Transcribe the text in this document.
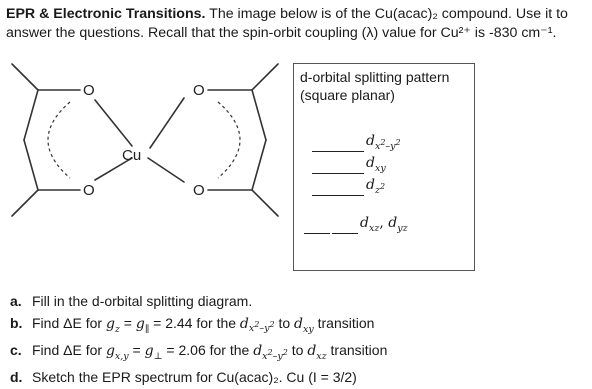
EPR & Electronic Transitions. The image below is of the Cu(acac)₂ compound. Use it to answer the questions. Recall that the spin-orbit coupling (λ) value for Cu²⁺ is -830 cm⁻¹.
O
O
O
O
Cu
d-orbital splitting pattern
(square planar)
$d_{x^2-y^2}$
$d_{xy}$
$d_{z^2}$
$d_{xz}$, $d_{yz}$
a. Fill in the d-orbital splitting diagram.
b. Find ΔE for $g_z = g_\parallel = 2.44$ for the $d_{x^2-y^2}$ to $d_{xy}$ transition
c. Find ΔE for $g_{x,y} = g_\perp = 2.06$ for the $d_{x^2-y^2}$ to $d_{xz}$ transition
d. Sketch the EPR spectrum for Cu(acac)₂. Cu (I = 3/2)
